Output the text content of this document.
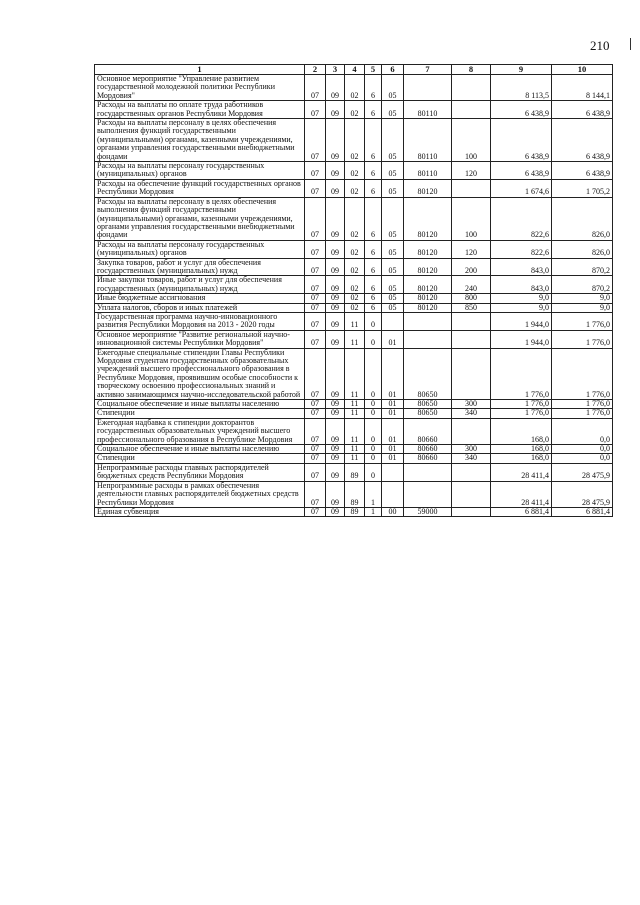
210
1	2	3	4	5	6	7	8	9	10
Основное мероприятие "Управление развитием государственной молодежной политики Республики Мордовия"	07	09	02	6	05			8 113,5	8 144,1
Расходы на выплаты по оплате труда работников государственных органов Республики Мордовия	07	09	02	6	05	80110		6 438,9	6 438,9
Расходы на выплаты персоналу в целях обеспечения выполнения функций государственными (муниципальными) органами, казенными учреждениями, органами управления государственными внебюджетными фондами	07	09	02	6	05	80110	100	6 438,9	6 438,9
Расходы на выплаты персоналу государственных (муниципальных) органов	07	09	02	6	05	80110	120	6 438,9	6 438,9
Расходы на обеспечение функций государственных органов Республики Мордовия	07	09	02	6	05	80120		1 674,6	1 705,2
Расходы на выплаты персоналу в целях обеспечения выполнения функций государственными (муниципальными) органами, казенными учреждениями, органами управления государственными внебюджетными фондами	07	09	02	6	05	80120	100	822,6	826,0
Расходы на выплаты персоналу государственных (муниципальных) органов	07	09	02	6	05	80120	120	822,6	826,0
Закупка товаров, работ и услуг для обеспечения государственных (муниципальных) нужд	07	09	02	6	05	80120	200	843,0	870,2
Иные закупки товаров, работ и услуг для обеспечения государственных (муниципальных) нужд	07	09	02	6	05	80120	240	843,0	870,2
Иные бюджетные ассигнования	07	09	02	6	05	80120	800	9,0	9,0
Уплата налогов, сборов и иных платежей	07	09	02	6	05	80120	850	9,0	9,0
Государственная программа научно-инновационного развития Республики Мордовия на 2013 - 2020 годы	07	09	11	0				1 944,0	1 776,0
Основное мероприятие "Развитие региональной научно-инновационной системы Республики Мордовия"	07	09	11	0	01			1 944,0	1 776,0
Ежегодные специальные стипендии Главы Республики Мордовия студентам государственных образовательных учреждений высшего профессионального образования в Республике Мордовия, проявившим особые способности к творческому освоению профессиональных знаний и активно занимающимся научно-исследовательской работой	07	09	11	0	01	80650		1 776,0	1 776,0
Социальное обеспечение и иные выплаты населению	07	09	11	0	01	80650	300	1 776,0	1 776,0
Стипендии	07	09	11	0	01	80650	340	1 776,0	1 776,0
Ежегодная надбавка к стипендии докторантов государственных образовательных учреждений высшего профессионального образования в Республике Мордовия	07	09	11	0	01	80660		168,0	0,0
Социальное обеспечение и иные выплаты населению	07	09	11	0	01	80660	300	168,0	0,0
Стипендии	07	09	11	0	01	80660	340	168,0	0,0
Непрограммные расходы главных распорядителей бюджетных средств Республики Мордовия	07	09	89	0				28 411,4	28 475,9
Непрограммные расходы в рамках обеспечения деятельности главных распорядителей бюджетных средств Республики Мордовия	07	09	89	1				28 411,4	28 475,9
Единая субвенция	07	09	89	1	00	59000		6 881,4	6 881,4
